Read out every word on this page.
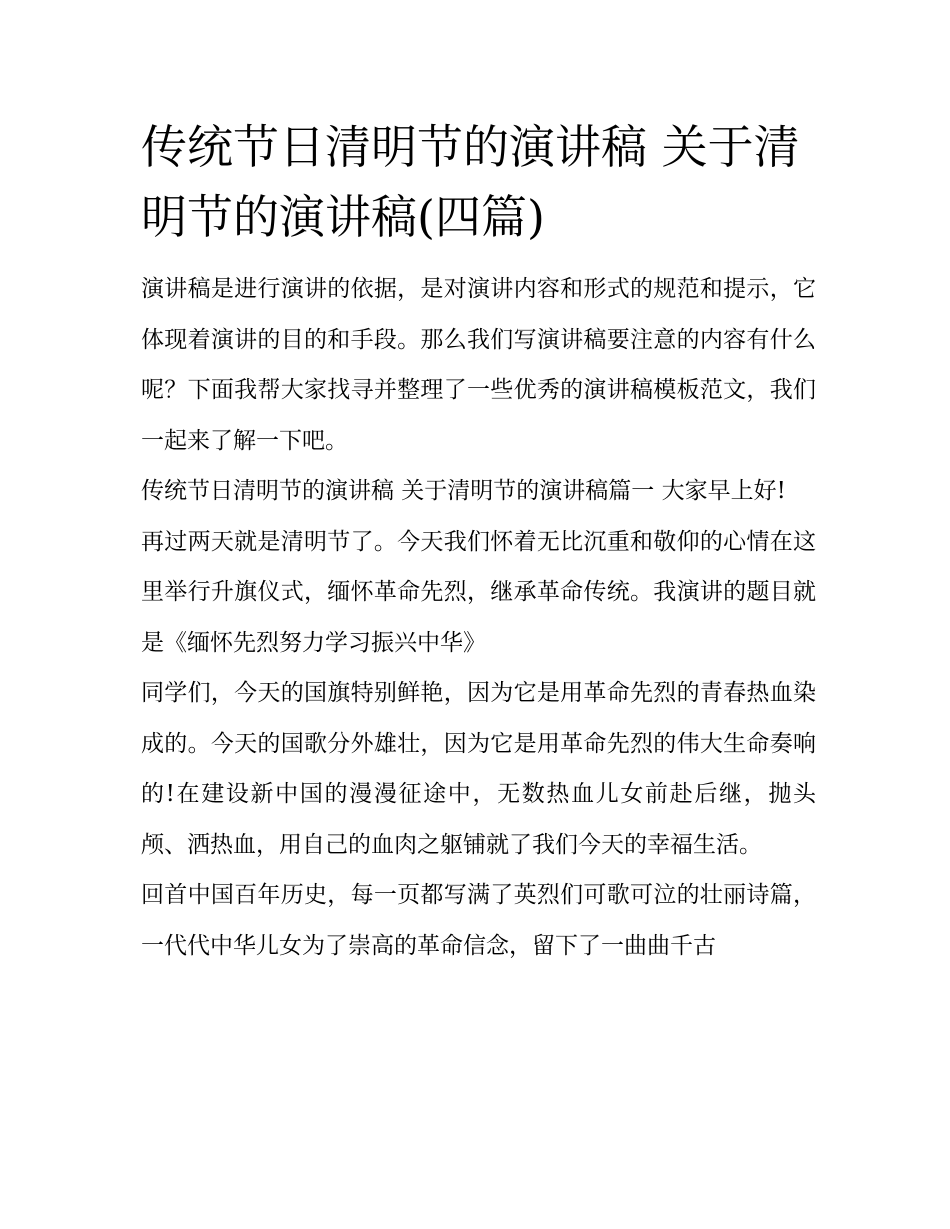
传统节日清明节的演讲稿 关于清明节的演讲稿(四篇)

演讲稿是进行演讲的依据，是对演讲内容和形式的规范和提示，它体现着演讲的目的和手段。那么我们写演讲稿要注意的内容有什么呢？下面我帮大家找寻并整理了一些优秀的演讲稿模板范文，我们一起来了解一下吧。

传统节日清明节的演讲稿 关于清明节的演讲稿篇一 大家早上好!

再过两天就是清明节了。今天我们怀着无比沉重和敬仰的心情在这里举行升旗仪式，缅怀革命先烈，继承革命传统。我演讲的题目就是《缅怀先烈努力学习振兴中华》

同学们，今天的国旗特别鲜艳，因为它是用革命先烈的青春热血染成的。今天的国歌分外雄壮，因为它是用革命先烈的伟大生命奏响的!在建设新中国的漫漫征途中，无数热血儿女前赴后继，抛头颅、洒热血，用自己的血肉之躯铺就了我们今天的幸福生活。

回首中国百年历史，每一页都写满了英烈们可歌可泣的壮丽诗篇，一代代中华儿女为了崇高的革命信念，留下了一曲曲千古
